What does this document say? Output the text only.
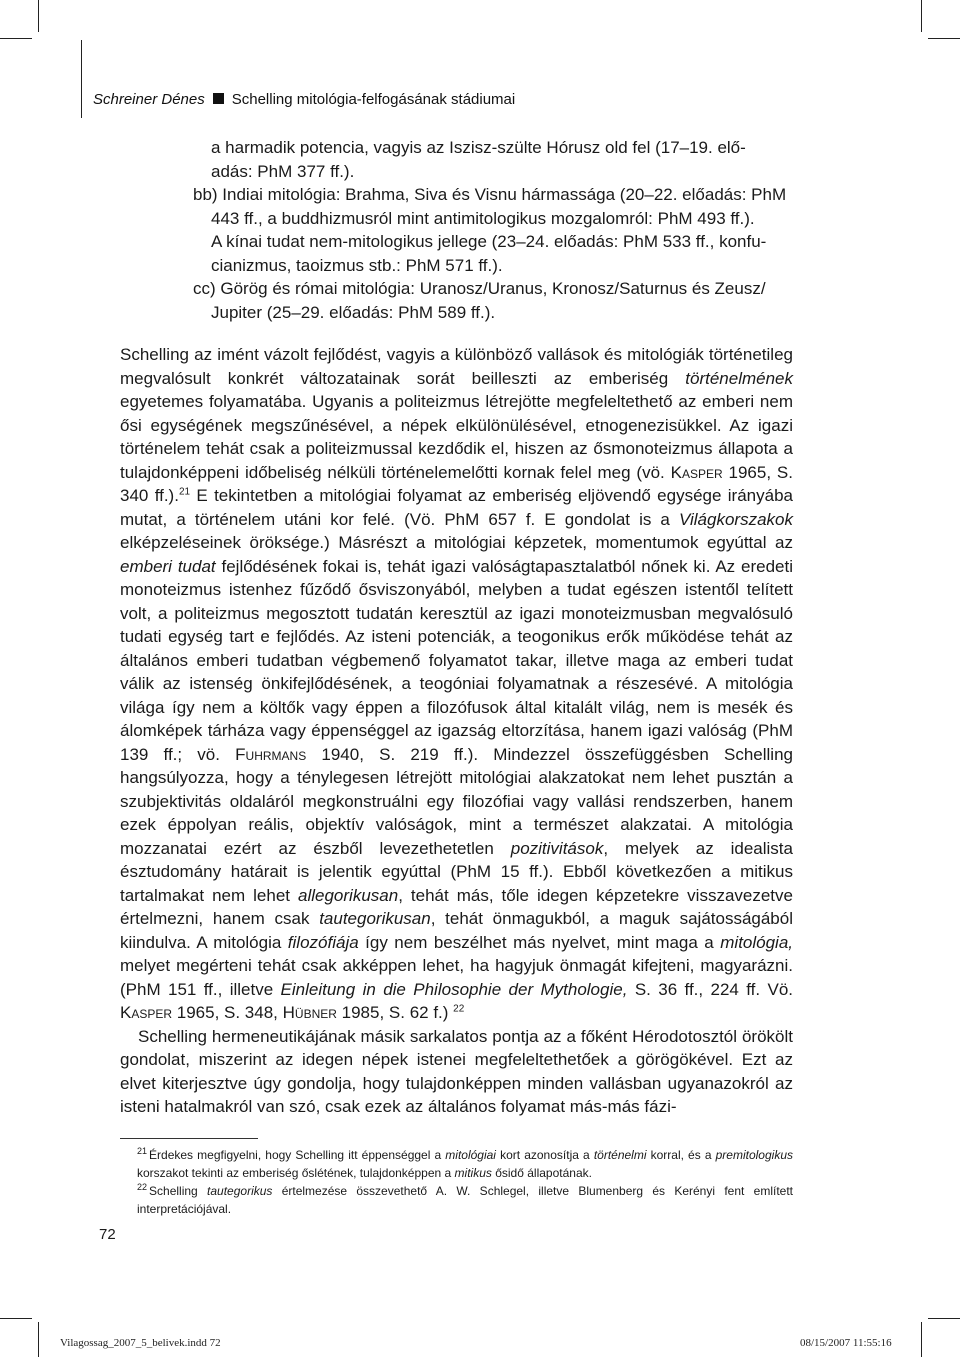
Schreiner Dénes Schelling mitológia-felfogásának stádiumai
a harmadik potencia, vagyis az Iszisz-szülte Hórusz old fel (17–19. elő-
adás: PhM 377 ff.).
bb) Indiai mitológia: Brahma, Siva és Visnu hármassága (20–22. előadás: PhM
443 ff., a buddhizmusról mint antimitologikus mozgalomról: PhM 493 ff.).
A kínai tudat nem-mitologikus jellege (23–24. előadás: PhM 533 ff., konfu-
cianizmus, taoizmus stb.: PhM 571 ff.).
cc) Görög és római mitológia: Uranosz/Uranus, Kronosz/Saturnus és Zeusz/
Jupiter (25–29. előadás: PhM 589 ff.).

Schelling az imént vázolt fejlődést, vagyis a különböző vallások és mitológiák történetileg megvalósult konkrét változatainak sorát beilleszti az emberiség történelmének egyetemes folyamatába. Ugyanis a politeizmus létrejötte megfeleltethető az emberi nem ősi egységének megszűnésével, a népek elkülönülésével, etnogenezisükkel. Az igazi történelem tehát csak a politeizmussal kezdődik el, hiszen az ősmonoteizmus állapota a tulajdonképpeni időbeliség nélküli történelemelőtti kornak felel meg (vö. Kasper 1965, S. 340 ff.).$^{21}$ E tekintetben a mitológiai folyamat az emberiség eljövendő egysége irányába mutat, a történelem utáni kor felé. (Vö. PhM 657 f. E gondolat is a Világkorszakok elképzeléseinek öröksége.) Másrészt a mitológiai képzetek, momentumok egyúttal az emberi tudat fejlődésének fokai is, tehát igazi valóságtapasztalatból nőnek ki. Az eredeti monoteizmus istenhez fűződő ősviszonyából, melyben a tudat egészen istentől telített volt, a politeizmus megosztott tudatán keresztül az igazi monoteizmusban megvalósuló tudati egység tart e fejlődés. Az isteni potenciák, a teogonikus erők működése tehát az általános emberi tudatban végbemenő folyamatot takar, illetve maga az emberi tudat válik az istenség önkifejlődésének, a teogóniai folyamatnak a részesévé. A mitológia világa így nem a költők vagy éppen a filozófusok által kitalált világ, nem is mesék és álomképek tárháza vagy éppenséggel az igazság eltorzítása, hanem igazi valóság (PhM 139 ff.; vö. Fuhrmans 1940, S. 219 ff.). Mindezzel összefüggésben Schelling hangsúlyozza, hogy a ténylegesen létrejött mitológiai alakzatokat nem lehet pusztán a szubjektivitás oldaláról megkonstruálni egy filozófiai vagy vallási rendszerben, hanem ezek éppolyan reális, objektív valóságok, mint a természet alakzatai. A mitológia mozzanatai ezért az észből levezethetetlen pozitivitások, melyek az idealista észtudomány határait is jelentik egyúttal (PhM 15 ff.). Ebből következően a mitikus tartalmakat nem lehet allegorikusan, tehát más, tőle idegen képzetekre visszavezetve értelmezni, hanem csak tautegorikusan, tehát önmagukból, a maguk sajátosságából kiindulva. A mitológia filozófiája így nem beszélhet más nyelvet, mint maga a mitológia, melyet megérteni tehát csak akképpen lehet, ha hagyjuk önmagát kifejteni, magyarázni. (PhM 151 ff., illetve Einleitung in die Philosophie der Mythologie, S. 36 ff., 224 ff. Vö. Kasper 1965, S. 348, Hübner 1985, S. 62 f.) $^{22}$

Schelling hermeneutikájának másik sarkalatos pontja az a főként Hérodotosztól örökölt gondolat, miszerint az idegen népek istenei megfeleltethetőek a görögökével. Ezt az elvet kiterjesztve úgy gondolja, hogy tulajdonképpen minden vallásban ugyanazokról az isteni hatalmakról van szó, csak ezek az általános folyamat más-más fázi-

$^{21}$ Érdekes megfigyelni, hogy Schelling itt éppenséggel a mitológiai kort azonosítja a történelmi korral, és a premitologikus korszakot tekinti az emberiség őslétének, tulajdonképpen a mitikus ősidő állapotának.

$^{22}$ Schelling tautegorikus értelmezése összevethető A. W. Schlegel, illetve Blumenberg és Kerényi fent említett interpretációjával.

72
Vilagossag_2007_5_belivek.indd 72	08/15/2007 11:55:16
